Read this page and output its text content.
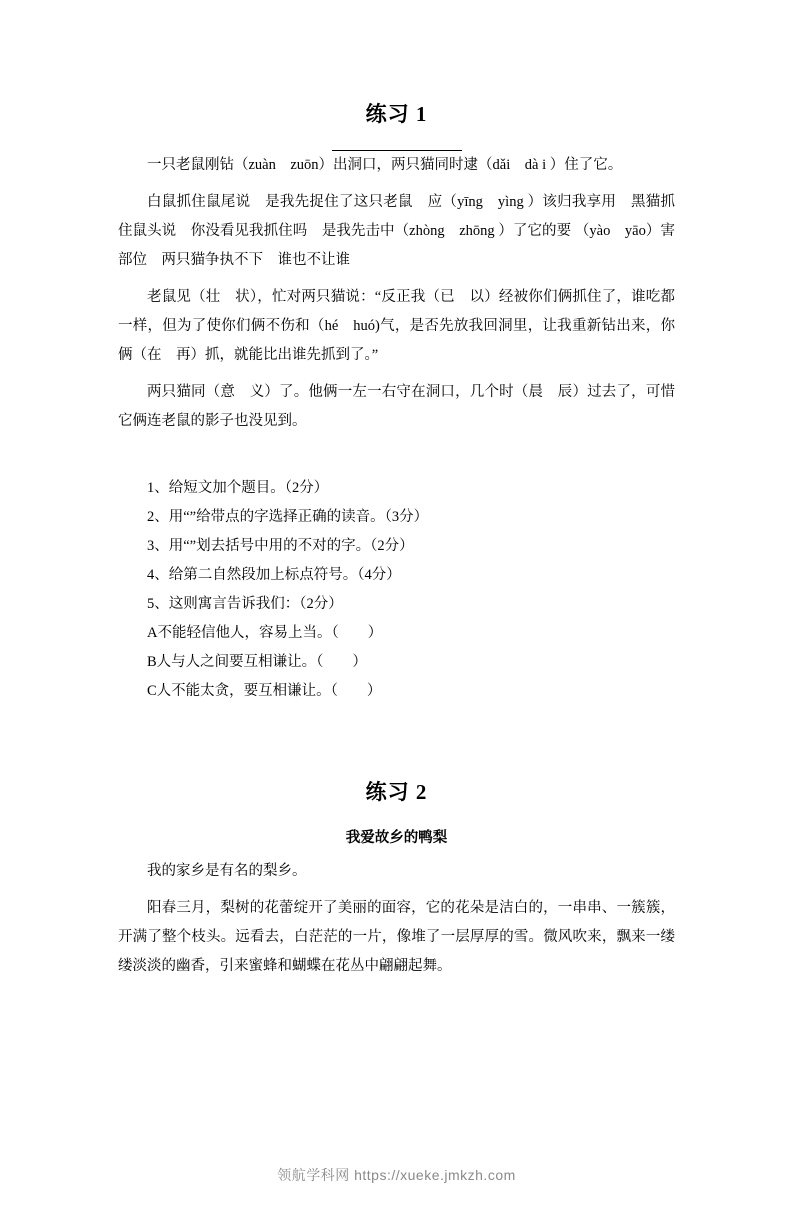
练习 1

一只老鼠刚钻（zuàn　zuōn）出洞口，两只猫同时逮（dǎi　dà i ）住了它。

白鼠抓住鼠尾说　是我先捉住了这只老鼠　应（yīng　yìng ）该归我享用　黑猫抓住鼠头说　你没看见我抓住吗　是我先击中（zhòng　zhōng ）了它的要 （yào　yāo）害部位　两只猫争执不下　谁也不让谁

老鼠见（壮　状），忙对两只猫说：“反正我（已　以）经被你们俩抓住了，谁吃都一样，但为了使你们俩不伤和（hé　huó)气，是否先放我回洞里，让我重新钻出来，你俩（在　再）抓，就能比出谁先抓到了。”

两只猫同（意　义）了。他俩一左一右守在洞口，几个时（晨　辰）过去了，可惜它俩连老鼠的影子也没见到。

1、给短文加个题目。（2分）
2、用“”给带点的字选择正确的读音。（3分）
3、用“”划去括号中用的不对的字。（2分）
4、给第二自然段加上标点符号。（4分）
5、这则寓言告诉我们：（2分）
A不能轻信他人，容易上当。（　　）
B人与人之间要互相谦让。（　　）
C人不能太贪，要互相谦让。（　　）
练习 2
我爱故乡的鸭梨

我的家乡是有名的梨乡。

阳春三月，梨树的花蕾绽开了美丽的面容，它的花朵是洁白的，一串串、一簇簇，开满了整个枝头。远看去，白茫茫的一片，像堆了一层厚厚的雪。微风吹来，飘来一缕缕淡淡的幽香，引来蜜蜂和蝴蝶在花丛中翩翩起舞。

领航学科网 https://xueke.jmkzh.com
